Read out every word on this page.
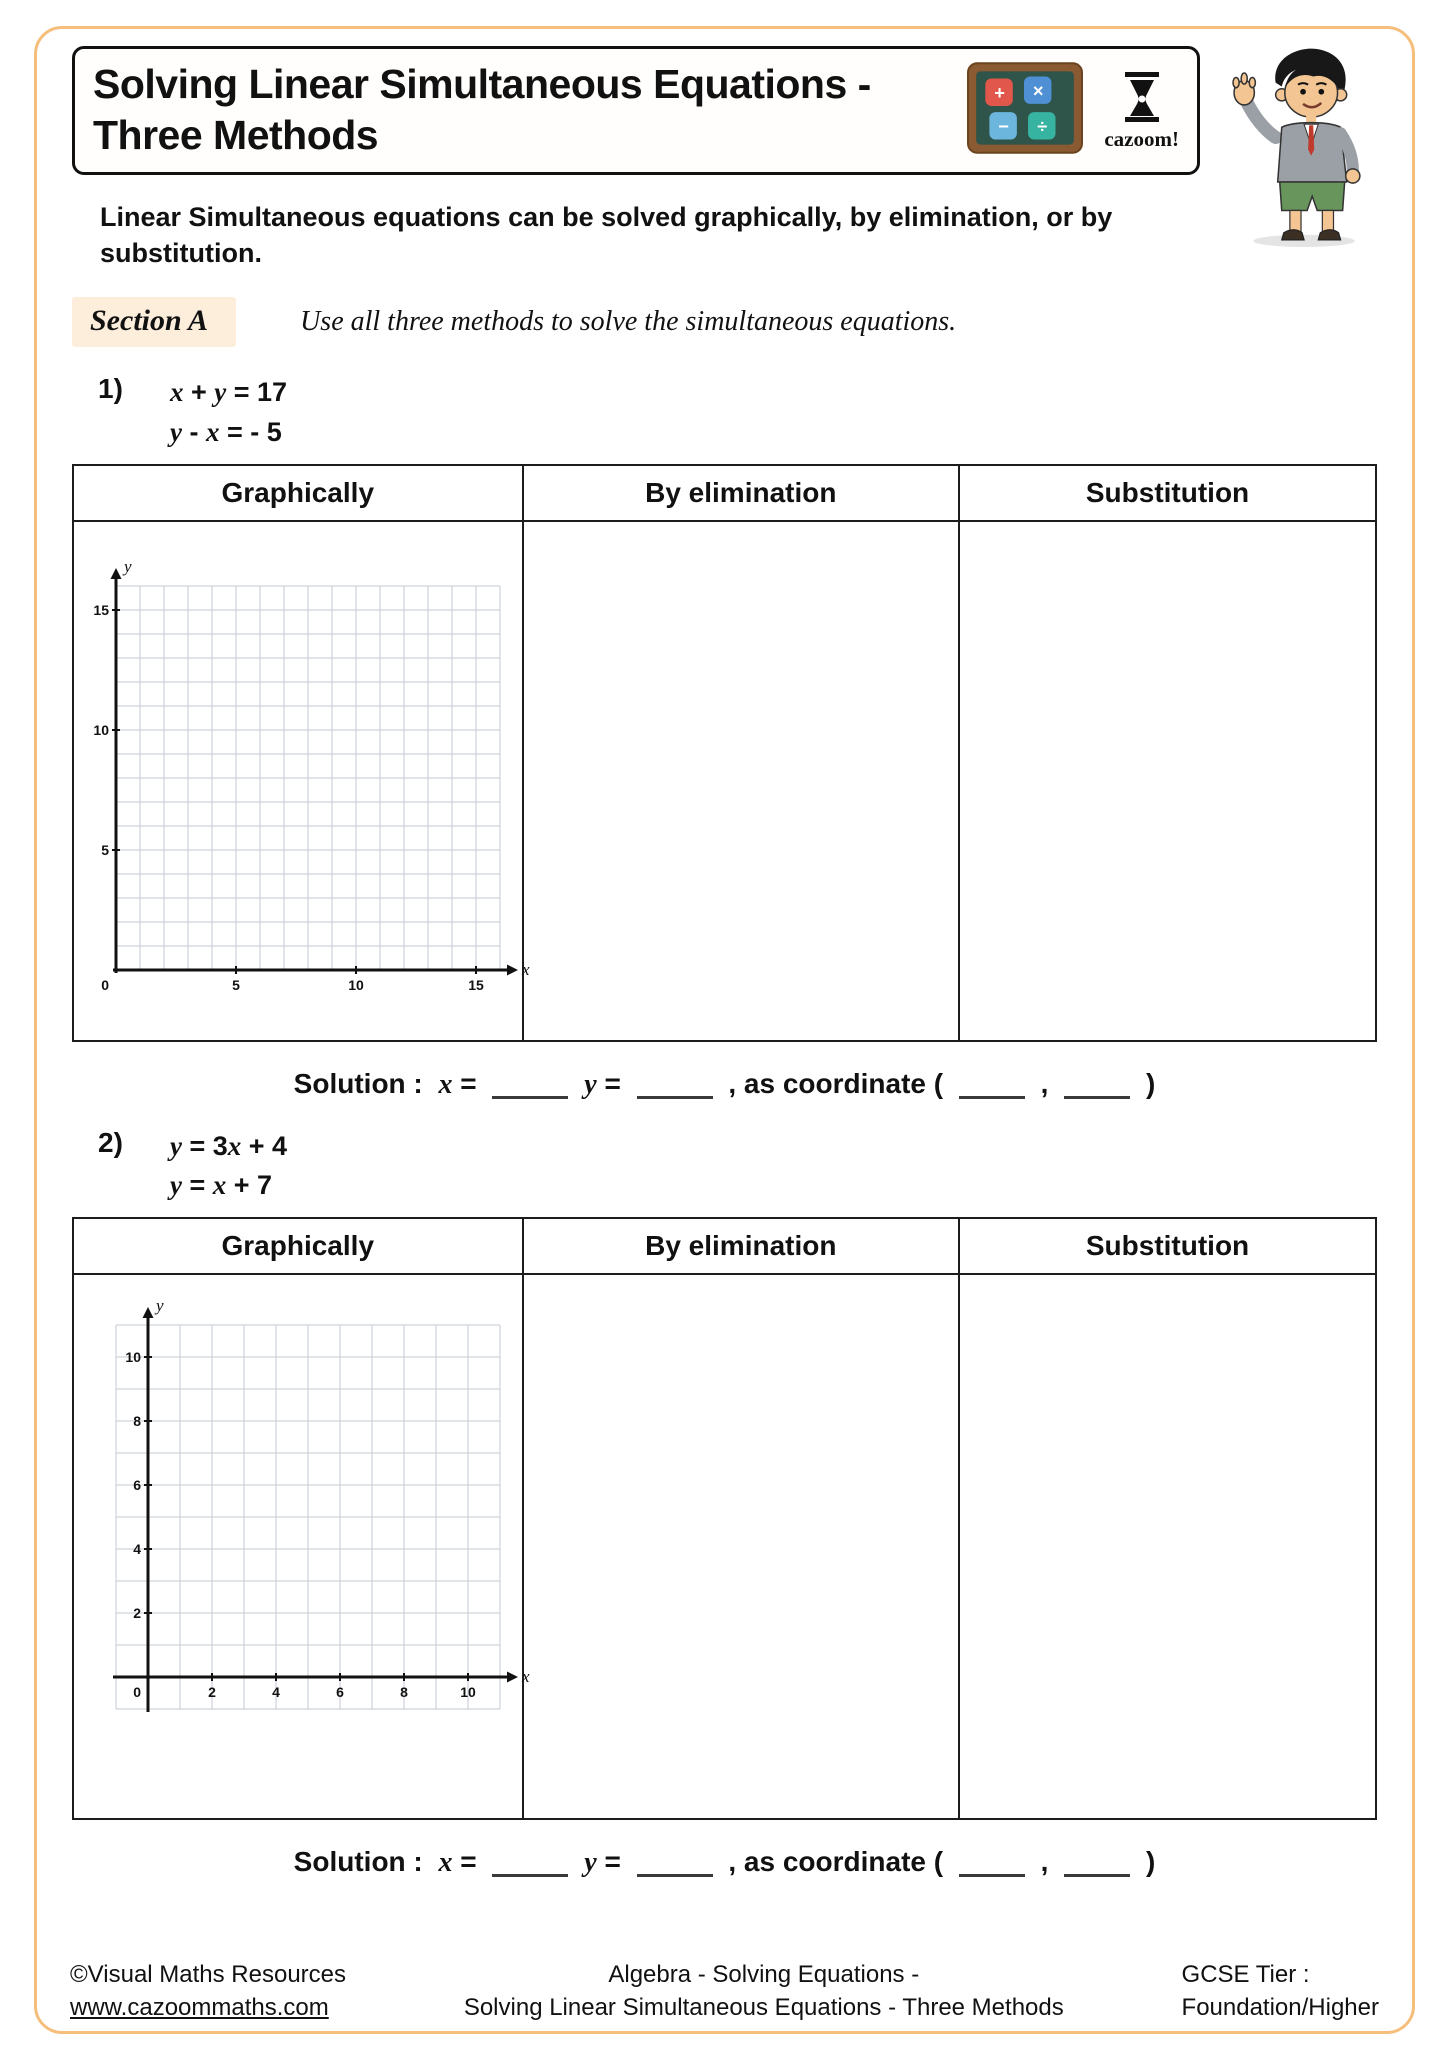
Solving Linear Simultaneous Equations -
Three Methods
+ ×
− ÷
cazoom!

Linear Simultaneous equations can be solved graphically, by elimination, or by substitution.

Section A	Use all three methods to solve the simultaneous equations.
1)	x + y = 17
y - x = - 5
Graphically	By elimination	Substitution

x
y
5	10	15
5
10
15
0

Solution : x =	y =	, as coordinate (	,	)
2)	y = 3x + 4
y = x + 7
Graphically	By elimination	Substitution

x
y
2	4	6	8	10
2
4
6
8
10
0

Solution : x =	y =	, as coordinate (	,	)
©Visual Maths Resources
www.cazoommaths.com
Algebra - Solving Equations -
Solving Linear Simultaneous Equations - Three Methods
GCSE Tier :
Foundation/Higher
